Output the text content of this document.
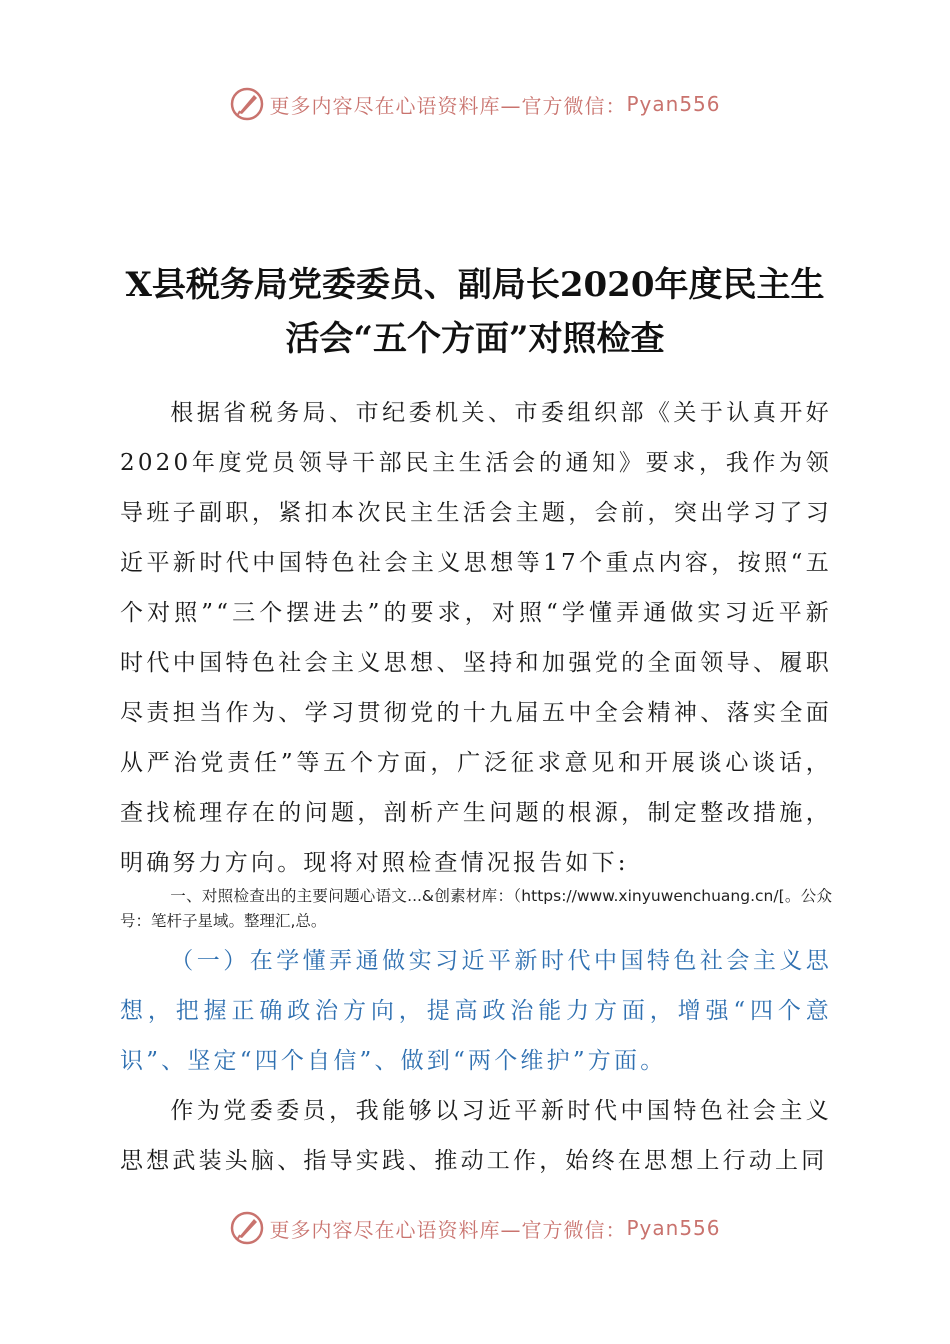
更多内容尽在心语资料库—官方微信： Pyan556
X县税务局党委委员、副局长2020年度民主生
活会“五个方面”对照检查

根据省税务局、市纪委机关、市委组织部《关于认真开好2020年度党员领导干部民主生活会的通知》要求，我作为领导班子副职，紧扣本次民主生活会主题，会前，突出学习了习近平新时代中国特色社会主义思想等17个重点内容，按照“五个对照”“三个摆进去”的要求，对照“学懂弄通做实习近平新时代中国特色社会主义思想、坚持和加强党的全面领导、履职尽责担当作为、学习贯彻党的十九届五中全会精神、落实全面从严治党责任”等五个方面，广泛征求意见和开展谈心谈话，查找梳理存在的问题，剖析产生问题的根源，制定整改措施，明确努力方向。现将对照检查情况报告如下:

一、对照检查出的主要问题心语文...&创素材库：（https://www.xinyuwenchuang.cn/[。公众号：笔杆子星域。整理汇,总。

（一）在学懂弄通做实习近平新时代中国特色社会主义思想，把握正确政治方向，提高政治能力方面，增强“四个意识”、坚定“四个自信”、做到“两个维护”方面。

作为党委委员，我能够以习近平新时代中国特色社会主义思想武装头脑、指导实践、推动工作，始终在思想上行动上同

更多内容尽在心语资料库—官方微信： Pyan556
